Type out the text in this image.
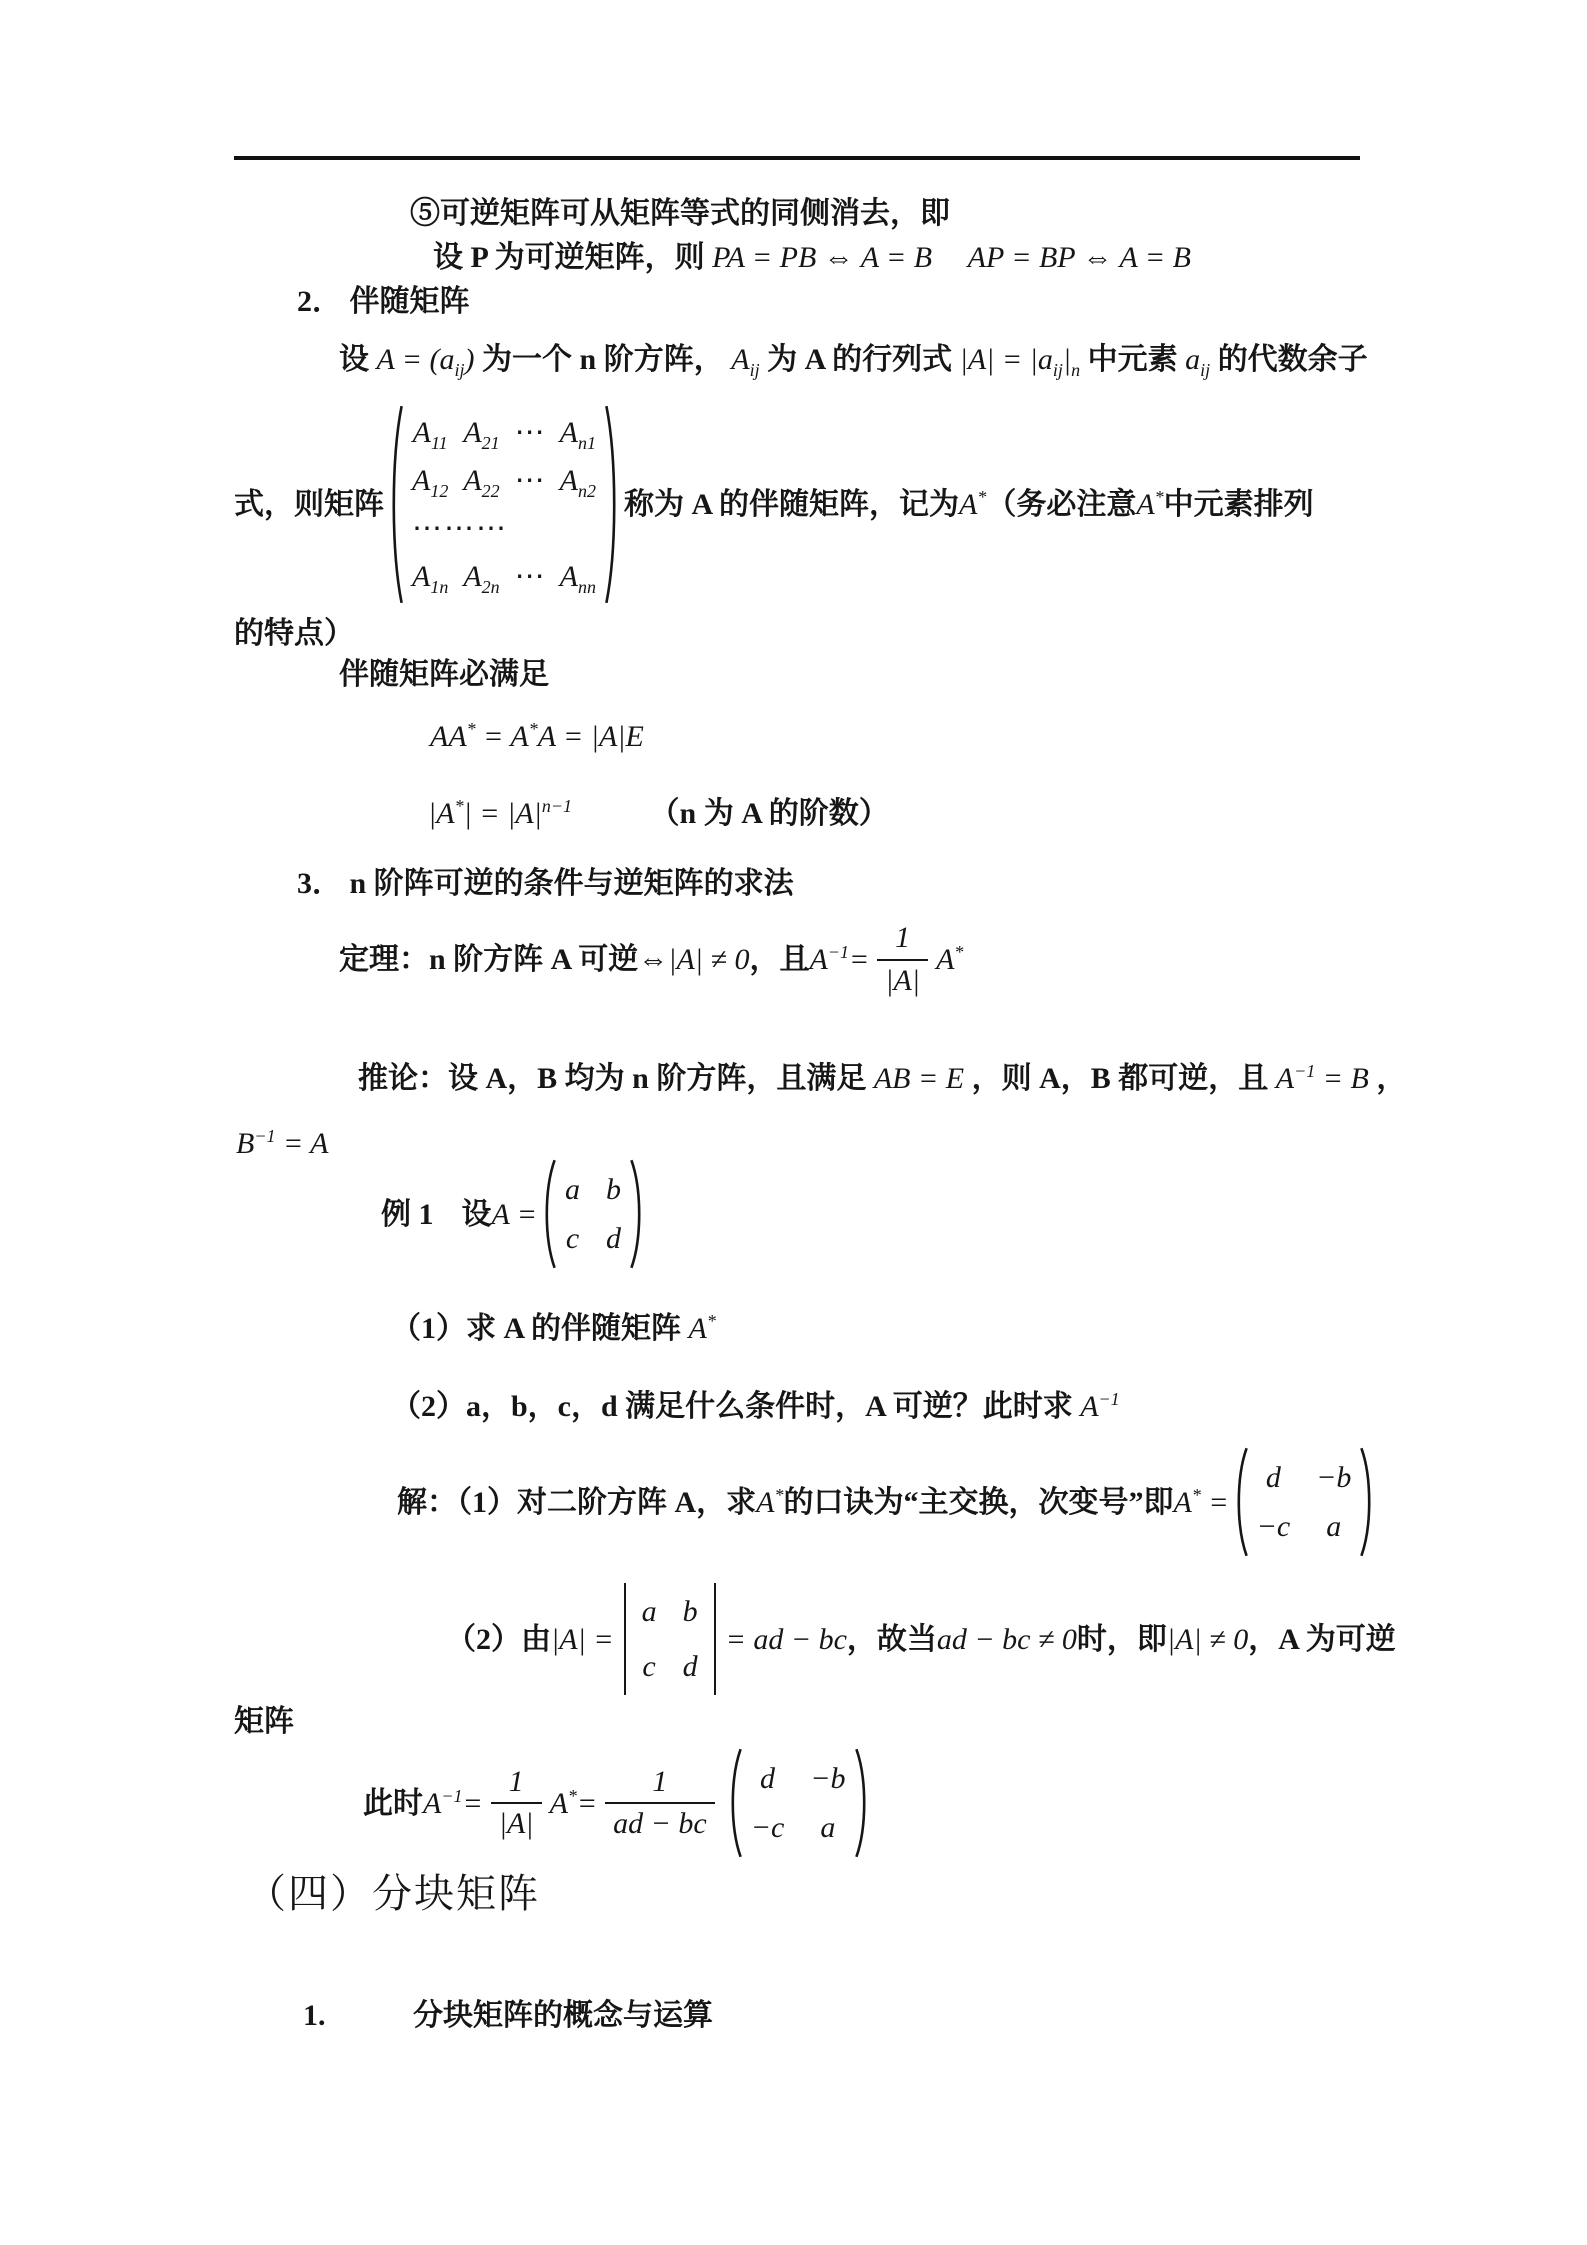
⑤可逆矩阵可从矩阵等式的同侧消去，即
设 P 为可逆矩阵，则 PA = PB ⇔ A = B AP = BP ⇔ A = B
2． 伴随矩阵
设 $A = (a_{ij})$ 为一个 n 阶方阵， $A_{ij}$ 为 A 的行列式 $|A| = |a_{ij}|_n$ 中元素 $a_{ij}$ 的代数余子
式，则矩阵
$A_{11}$ $A_{21}$ ⋯ $A_{n1}$
$A_{12}$ $A_{22}$ ⋯ $A_{n2}$
⋯⋯⋯
$A_{1n}$ $A_{2n}$ ⋯ $A_{nn}$
称为 A 的伴随矩阵，记为 A* （务必注意 A* 中元素排列
的特点）
伴随矩阵必满足
AA* = A*A = |A|E
$|A^*| = |A|^{n-1}$	（n 为 A 的阶数）
3． n 阶阵可逆的条件与逆矩阵的求法
定理：n 阶方阵 A 可逆 ⇔ |A| ≠ 0 ，且 $A^{-1}= \frac{1}{|A|} A^*$
推论：设 A，B 均为 n 阶方阵，且满足 AB = E ，则 A，B 都可逆，且 $A^{-1} = B$ ，
$B^{-1} = A$
例 1 设 A =
a b
c d
（1）求 A 的伴随矩阵 A*
（2）a，b，c，d 满足什么条件时，A 可逆？此时求 $A^{-1}$
解：（1）对二阶方阵 A，求 A* 的口诀为“主交换，次变号”即 A* =
d −b
−c a
（2）由 |A| =
a b
c d
= ad − bc ，故当 ad − bc ≠ 0 时，即 |A| ≠ 0 ，A 为可逆
矩阵
此时 $A^{-1}= \frac{1}{|A|} A^*= \frac{1}{ad - bc}$ d −b
−c a
（四）分块矩阵
1.	分块矩阵的概念与运算
